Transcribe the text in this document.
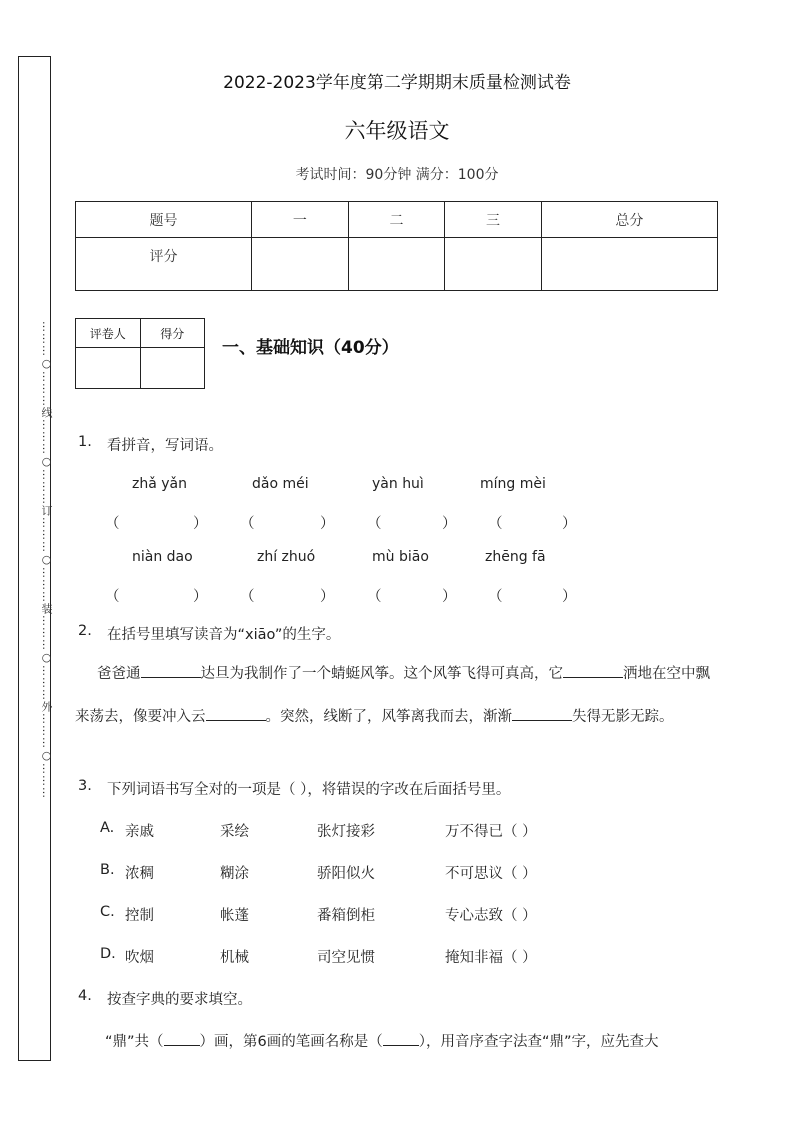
………○………线………○………订………○………装………○………外………○………
2022-2023学年度第二学期期末质量检测试卷
六年级语文
考试时间：90分钟 满分：100分
题号	一	二	三	总分
评分				
评卷人	得分

一、基础知识（40分）
1. 看拼音，写词语。
zhǎ yǎn	dǎo méi	yàn huì	míng mèi
（	） （	） （	） （	）
niàn dao	zhí zhuó	mù biāo	zhēng fā
（	） （	） （	） （	）
2. 在括号里填写读音为“xiāo”的生字。
爸爸通	达旦为我制作了一个蜻蜓风筝。这个风筝飞得可真高，它	洒地在空中飘来荡去，像要冲入云	。突然，线断了，风筝离我而去，渐渐	失得无影无踪。
3. 下列词语书写全对的一项是（ ），将错误的字改在后面括号里。
A. 亲戚	采绘	张灯接彩	万不得已（ ）
B. 浓稠	糊涂	骄阳似火	不可思议（ ）
C. 控制	帐蓬	番箱倒柜	专心志致（ ）
D. 吹烟	机械	司空见惯	掩知非福（ ）
4. 按查字典的要求填空。
“鼎”共（ ）画，第6画的笔画名称是（ ），用音序查字法查“鼎”字，应先查大
